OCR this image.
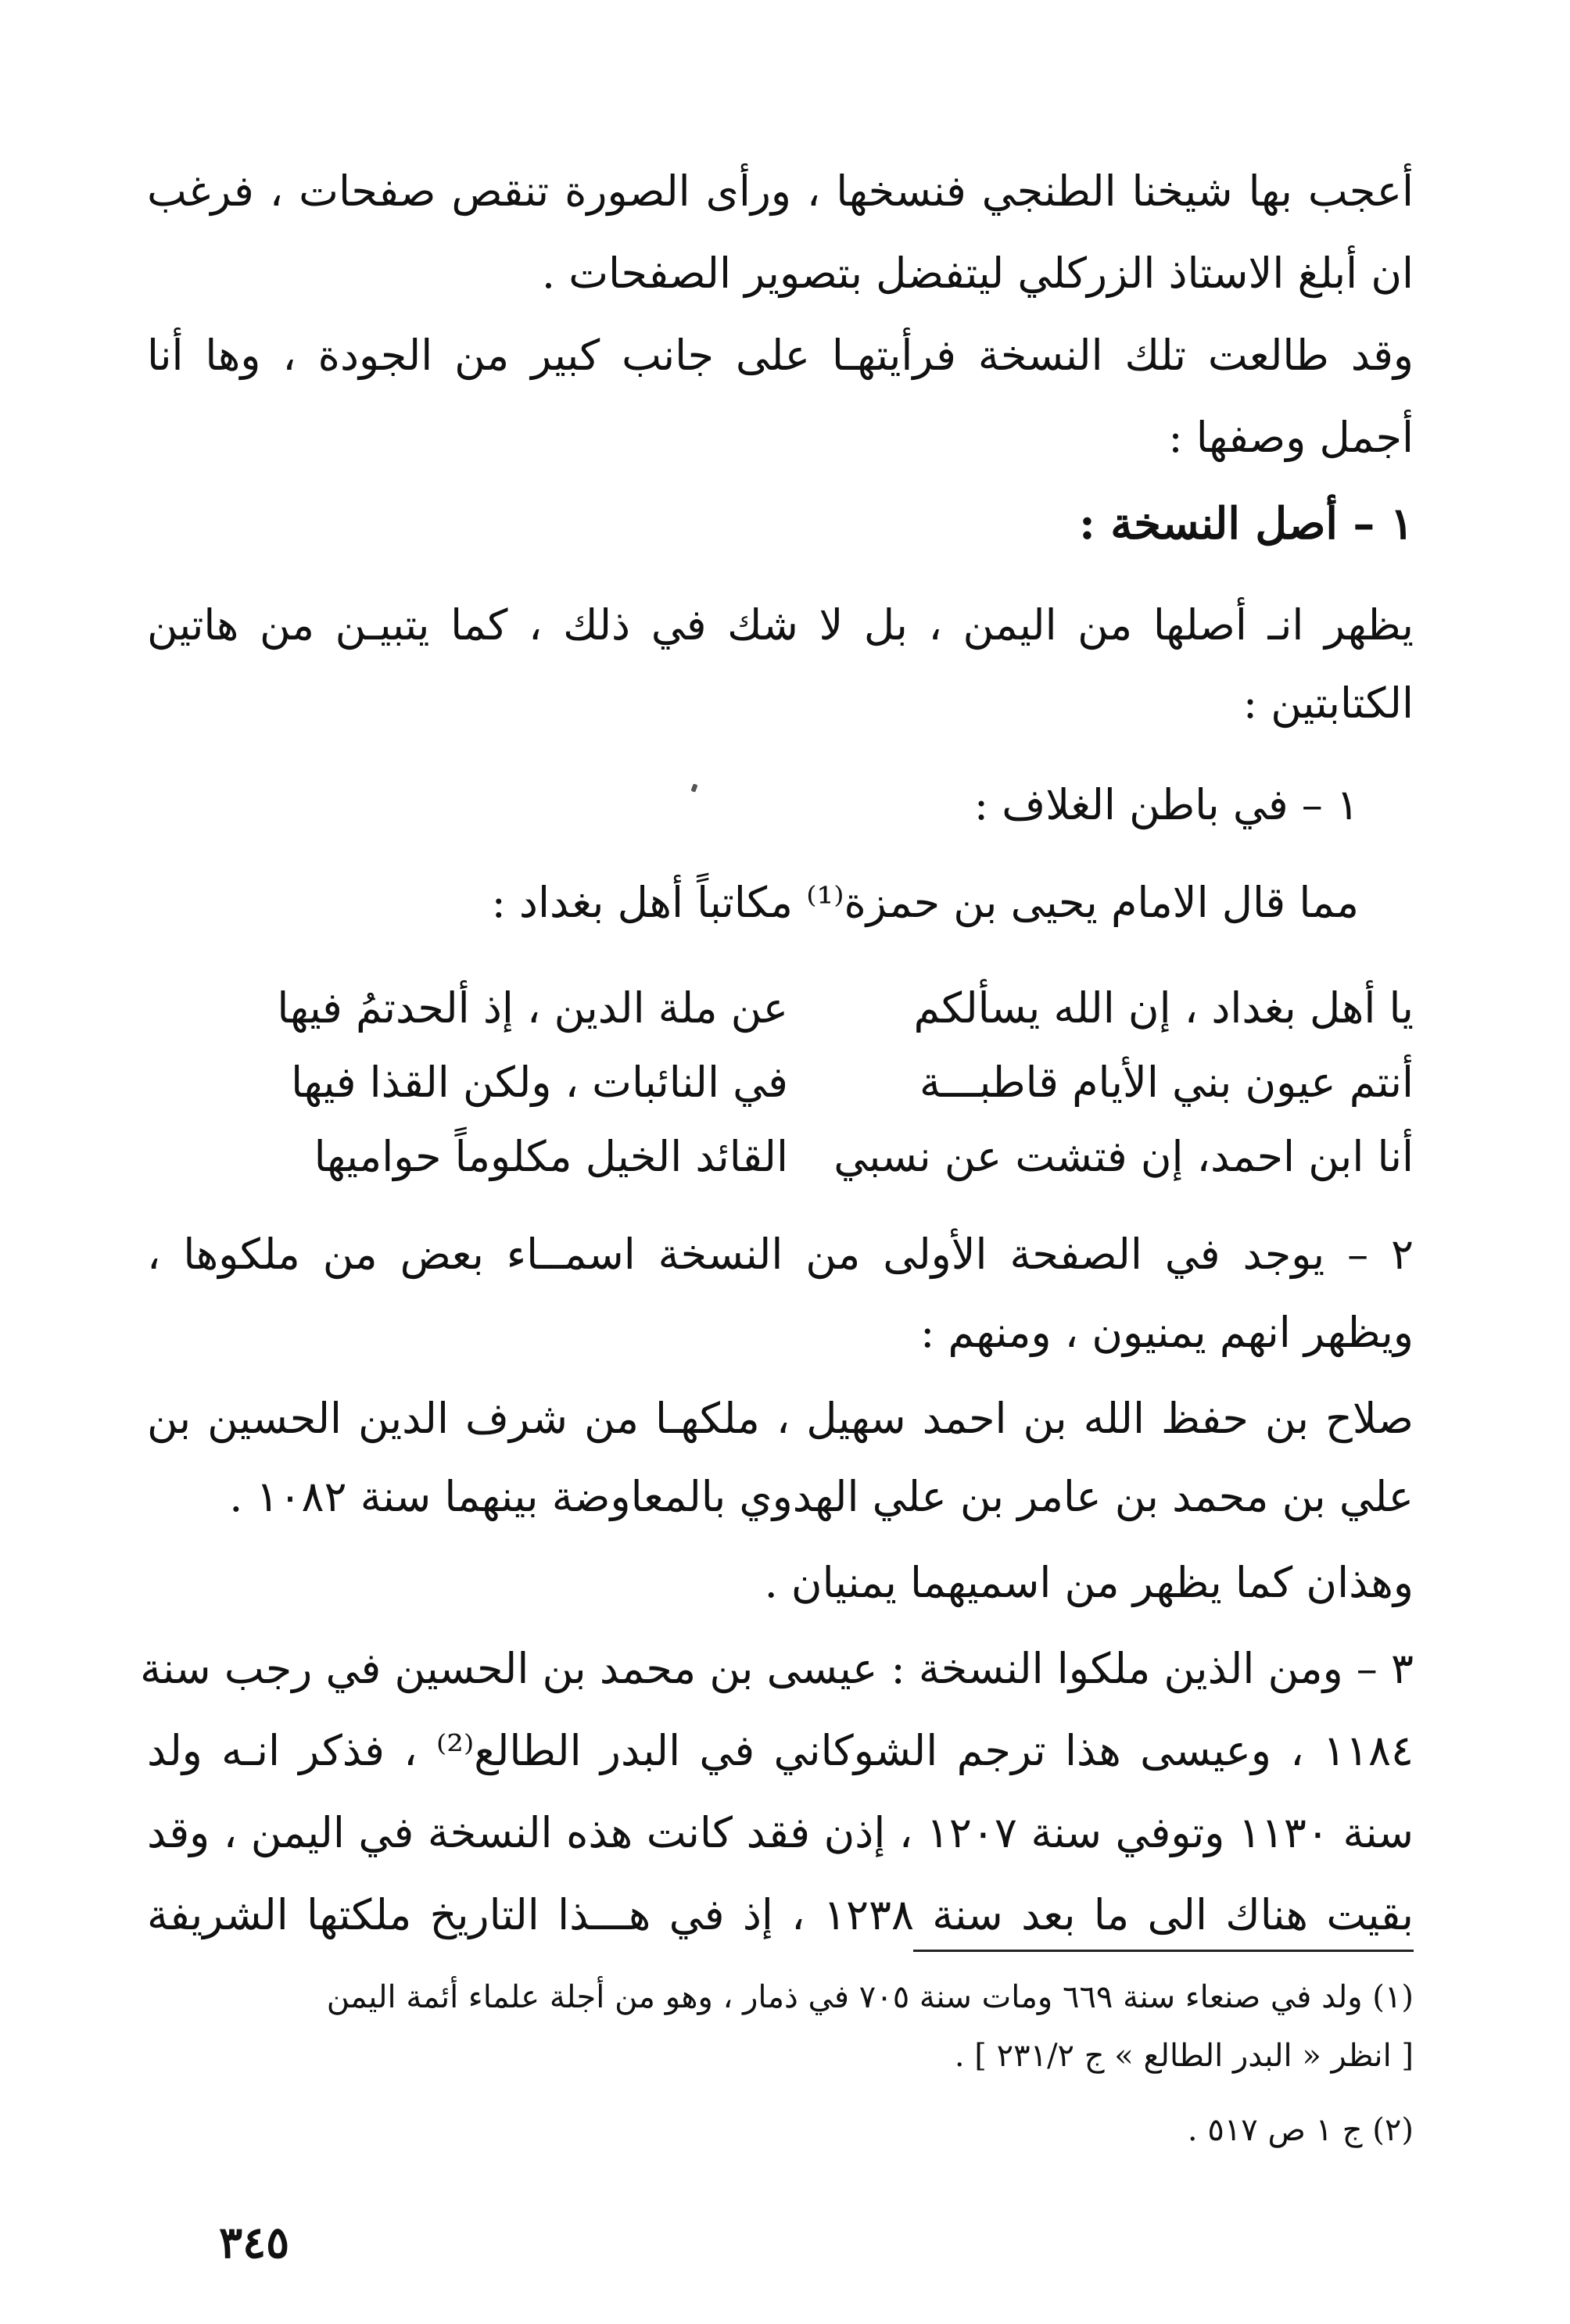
أعجب بها شيخنا الطنجي فنسخها ، ورأى الصورة تنقص صفحات ، فرغب
ان أبلغ الاستاذ الزركلي ليتفضل بتصوير الصفحات .
وقد طالعت تلك النسخة فرأيتهـا على جانب كبير من الجودة ، وها أنا
أجمل وصفها :
١ – أصل النسخة :
يظهر انـ أصلها من اليمن ، بل لا شك في ذلك ، كما يتبيـن من هاتين
الكتابتين :
١ – في باطن الغلاف :
مما قال الامام يحيى بن حمزة⁽¹⁾ مكاتباً أهل بغداد :
يا أهل بغداد ، إن الله يسألكم
عن ملة الدين ، إذ ألحدتمُ فيها
أنتم عيون بني الأيام قاطبـــة
في النائبات ، ولكن القذا فيها
أنا ابن احمد، إن فتشت عن نسبي
القائد الخيل مكلوماً حواميها
٢ – يوجد في الصفحة الأولى من النسخة اسمــاء بعض من ملكوها ،
ويظهر انهم يمنيون ، ومنهم :
صلاح بن حفظ الله بن احمد سهيل ، ملكهـا من شرف الدين الحسين بن
علي بن محمد بن عامر بن علي الهدوي بالمعاوضة بينهما سنة ١٠٨٢ .
وهذان كما يظهر من اسميهما يمنيان .
٣ – ومن الذين ملكوا النسخة : عيسى بن محمد بن الحسين في رجب سنة
١١٨٤ ، وعيسى هذا ترجم الشوكاني في البدر الطالع⁽²⁾ ، فذكر انـه ولد
سنة ١١٣٠ وتوفي سنة ١٢٠٧ ، إذن فقد كانت هذه النسخة في اليمن ، وقد
بقيت هناك الى ما بعد سنة ١٢٣٨ ، إذ في هـــذا التاريخ ملكتها الشريفة
(١) ولد في صنعاء سنة ٦٦٩ ومات سنة ٧٠٥ في ذمار ، وهو من أجلة علماء أئمة اليمن
[ انظر « البدر الطالع » ج ٢٣١/٢ ] .
(٢) ج ١ ص ٥١٧ .
٣٤٥
